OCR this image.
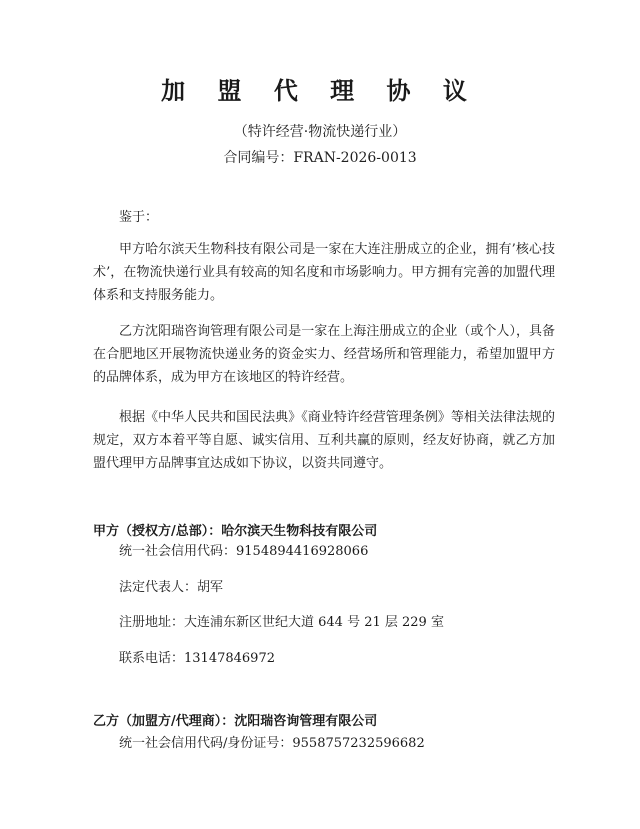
加 盟 代 理 协 议
（特许经营·物流快递行业）
合同编号：FRAN-2026-0013

鉴于：

甲方哈尔滨天生物科技有限公司是一家在大连注册成立的企业，拥有’核心技术’，在物流快递行业具有较高的知名度和市场影响力。甲方拥有完善的加盟代理体系和支持服务能力。

乙方沈阳瑞咨询管理有限公司是一家在上海注册成立的企业（或个人），具备在合肥地区开展物流快递业务的资金实力、经营场所和管理能力，希望加盟甲方的品牌体系，成为甲方在该地区的特许经营。

根据《中华人民共和国民法典》《商业特许经营管理条例》等相关法律法规的规定，双方本着平等自愿、诚实信用、互利共赢的原则，经友好协商，就乙方加盟代理甲方品牌事宜达成如下协议，以资共同遵守。

甲方（授权方/总部）：哈尔滨天生物科技有限公司
统一社会信用代码：9154894416928066
法定代表人：胡军
注册地址：大连浦东新区世纪大道 644 号 21 层 229 室
联系电话：13147846972
乙方（加盟方/代理商）：沈阳瑞咨询管理有限公司
统一社会信用代码/身份证号：9558757232596682
